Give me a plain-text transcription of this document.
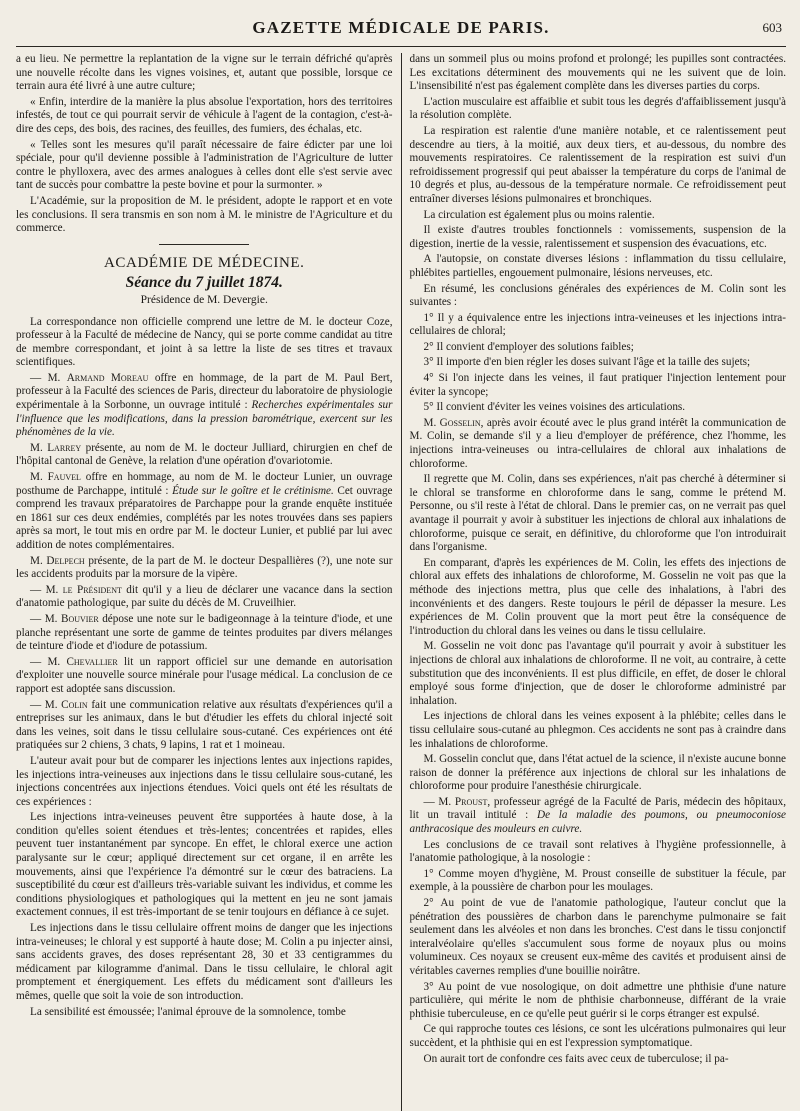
GAZETTE MÉDICALE DE PARIS.	603

a eu lieu. Ne permettre la replantation de la vigne sur le terrain défriché qu'après une nouvelle récolte dans les vignes voisines, et, autant que possible, lorsque ce terrain aura été livré à une autre culture;

« Enfin, interdire de la manière la plus absolue l'exportation, hors des territoires infestés, de tout ce qui pourrait servir de véhicule à l'agent de la contagion, c'est-à-dire des ceps, des bois, des racines, des feuilles, des fumiers, des échalas, etc.

« Telles sont les mesures qu'il paraît nécessaire de faire édicter par une loi spéciale, pour qu'il devienne possible à l'administration de l'Agriculture de lutter contre le phylloxera, avec des armes analogues à celles dont elle s'est servie avec tant de succès pour combattre la peste bovine et pour la surmonter. »

L'Académie, sur la proposition de M. le président, adopte le rapport et en vote les conclusions. Il sera transmis en son nom à M. le ministre de l'Agriculture et du commerce.

ACADÉMIE DE MÉDECINE.
Séance du 7 juillet 1874.
Présidence de M. Devergie.

La correspondance non officielle comprend une lettre de M. le docteur Coze, professeur à la Faculté de médecine de Nancy, qui se porte comme candidat au titre de membre correspondant, et joint à sa lettre la liste de ses titres et travaux scientifiques.

— M. Armand Moreau offre en hommage, de la part de M. Paul Bert, professeur à la Faculté des sciences de Paris, directeur du laboratoire de physiologie expérimentale à la Sorbonne, un ouvrage intitulé : Recherches expérimentales sur l'influence que les modifications, dans la pression barométrique, exercent sur les phénomènes de la vie.

M. Larrey présente, au nom de M. le docteur Julliard, chirurgien en chef de l'hôpital cantonal de Genève, la relation d'une opération d'ovariotomie.

M. Fauvel offre en hommage, au nom de M. le docteur Lunier, un ouvrage posthume de Parchappe, intitulé : Étude sur le goître et le crétinisme. Cet ouvrage comprend les travaux préparatoires de Parchappe pour la grande enquête instituée en 1861 sur ces deux endémies, complétés par les notes trouvées dans ses papiers après sa mort, le tout mis en ordre par M. le docteur Lunier, et publié par lui avec addition de notes complémentaires.

M. Delpech présente, de la part de M. le docteur Despallières (?), une note sur les accidents produits par la morsure de la vipère.

— M. le Président dit qu'il y a lieu de déclarer une vacance dans la section d'anatomie pathologique, par suite du décès de M. Cruveilhier.

— M. Bouvier dépose une note sur le badigeonnage à la teinture d'iode, et une planche représentant une sorte de gamme de teintes produites par divers mélanges de teinture d'iode et d'iodure de potassium.

— M. Chevallier lit un rapport officiel sur une demande en autorisation d'exploiter une nouvelle source minérale pour l'usage médical. La conclusion de ce rapport est adoptée sans discussion.

— M. Colin fait une communication relative aux résultats d'expériences qu'il a entreprises sur les animaux, dans le but d'étudier les effets du chloral injecté soit dans les veines, soit dans le tissu cellulaire sous-cutané. Ces expériences ont été pratiquées sur 2 chiens, 3 chats, 9 lapins, 1 rat et 1 moineau.

L'auteur avait pour but de comparer les injections lentes aux injections rapides, les injections intra-veineuses aux injections dans le tissu cellulaire sous-cutané, les injections concentrées aux injections étendues. Voici quels ont été les résultats de ces expériences :

Les injections intra-veineuses peuvent être supportées à haute dose, à la condition qu'elles soient étendues et très-lentes; concentrées et rapides, elles peuvent tuer instantanément par syncope. En effet, le chloral exerce une action paralysante sur le cœur; appliqué directement sur cet organe, il en arrête les mouvements, ainsi que l'expérience l'a démontré sur le cœur des batraciens. La susceptibilité du cœur est d'ailleurs très-variable suivant les individus, et comme les conditions physiologiques et pathologiques qui la mettent en jeu ne sont jamais exactement connues, il est très-important de se tenir toujours en défiance à ce sujet.

Les injections dans le tissu cellulaire offrent moins de danger que les injections intra-veineuses; le chloral y est supporté à haute dose; M. Colin a pu injecter ainsi, sans accidents graves, des doses représentant 28, 30 et 33 centigrammes du médicament par kilogramme d'animal. Dans le tissu cellulaire, le chloral agit promptement et énergiquement. Les effets du médicament sont d'ailleurs les mêmes, quelle que soit la voie de son introduction.

La sensibilité est émoussée; l'animal éprouve de la somnolence, tombe

dans un sommeil plus ou moins profond et prolongé; les pupilles sont contractées. Les excitations déterminent des mouvements qui ne les suivent que de loin. L'insensibilité n'est pas également complète dans les diverses parties du corps.

L'action musculaire est affaiblie et subit tous les degrés d'affaiblissement jusqu'à la résolution complète.

La respiration est ralentie d'une manière notable, et ce ralentissement peut descendre au tiers, à la moitié, aux deux tiers, et au-dessous, du nombre des mouvements respiratoires. Ce ralentissement de la respiration est suivi d'un refroidissement progressif qui peut abaisser la température du corps de l'animal de 10 degrés et plus, au-dessous de la température normale. Ce refroidissement peut entraîner diverses lésions pulmonaires et bronchiques.

La circulation est également plus ou moins ralentie.

Il existe d'autres troubles fonctionnels : vomissements, suspension de la digestion, inertie de la vessie, ralentissement et suspension des évacuations, etc.

A l'autopsie, on constate diverses lésions : inflammation du tissu cellulaire, phlébites partielles, engouement pulmonaire, lésions nerveuses, etc.

En résumé, les conclusions générales des expériences de M. Colin sont les suivantes :

1° Il y a équivalence entre les injections intra-veineuses et les injections intra-cellulaires de chloral;

2° Il convient d'employer des solutions faibles;

3° Il importe d'en bien régler les doses suivant l'âge et la taille des sujets;

4° Si l'on injecte dans les veines, il faut pratiquer l'injection lentement pour éviter la syncope;

5° Il convient d'éviter les veines voisines des articulations.

M. Gosselin, après avoir écouté avec le plus grand intérêt la communication de M. Colin, se demande s'il y a lieu d'employer de préférence, chez l'homme, les injections intra-veineuses ou intra-cellulaires de chloral aux inhalations de chloroforme.

Il regrette que M. Colin, dans ses expériences, n'ait pas cherché à déterminer si le chloral se transforme en chloroforme dans le sang, comme le prétend M. Personne, ou s'il reste à l'état de chloral. Dans le premier cas, on ne verrait pas quel avantage il pourrait y avoir à substituer les injections de chloral aux inhalations de chloroforme, puisque ce serait, en définitive, du chloroforme que l'on introduirait dans l'organisme.

En comparant, d'après les expériences de M. Colin, les effets des injections de chloral aux effets des inhalations de chloroforme, M. Gosselin ne voit pas que la méthode des injections mettra, plus que celle des inhalations, à l'abri des inconvénients et des dangers. Reste toujours le péril de dépasser la mesure. Les expériences de M. Colin prouvent que la mort peut être la conséquence de l'introduction du chloral dans les veines ou dans le tissu cellulaire.

M. Gosselin ne voit donc pas l'avantage qu'il pourrait y avoir à substituer les injections de chloral aux inhalations de chloroforme. Il ne voit, au contraire, à cette substitution que des inconvénients. Il est plus difficile, en effet, de doser le chloral employé sous forme d'injection, que de doser le chloroforme administré par inhalation.

Les injections de chloral dans les veines exposent à la phlébite; celles dans le tissu cellulaire sous-cutané au phlegmon. Ces accidents ne sont pas à craindre dans les inhalations de chloroforme.

M. Gosselin conclut que, dans l'état actuel de la science, il n'existe aucune bonne raison de donner la préférence aux injections de chloral sur les inhalations de chloroforme pour produire l'anesthésie chirurgicale.

— M. Proust, professeur agrégé de la Faculté de Paris, médecin des hôpitaux, lit un travail intitulé : De la maladie des poumons, ou pneumoconiose anthracosique des mouleurs en cuivre.

Les conclusions de ce travail sont relatives à l'hygiène professionnelle, à l'anatomie pathologique, à la nosologie :

1° Comme moyen d'hygiène, M. Proust conseille de substituer la fécule, par exemple, à la poussière de charbon pour les moulages.

2° Au point de vue de l'anatomie pathologique, l'auteur conclut que la pénétration des poussières de charbon dans le parenchyme pulmonaire se fait seulement dans les alvéoles et non dans les bronches. C'est dans le tissu conjonctif interalvéolaire qu'elles s'accumulent sous forme de noyaux plus ou moins volumineux. Ces noyaux se creusent eux-même des cavités et produisent ainsi de véritables cavernes remplies d'une bouillie noirâtre.

3° Au point de vue nosologique, on doit admettre une phthisie d'une nature particulière, qui mérite le nom de phthisie charbonneuse, différant de la vraie phthisie tuberculeuse, en ce qu'elle peut guérir si le corps étranger est expulsé.

Ce qui rapproche toutes ces lésions, ce sont les ulcérations pulmonaires qui leur succèdent, et la phthisie qui en est l'expression symptomatique.

On aurait tort de confondre ces faits avec ceux de tuberculose; il pa-
